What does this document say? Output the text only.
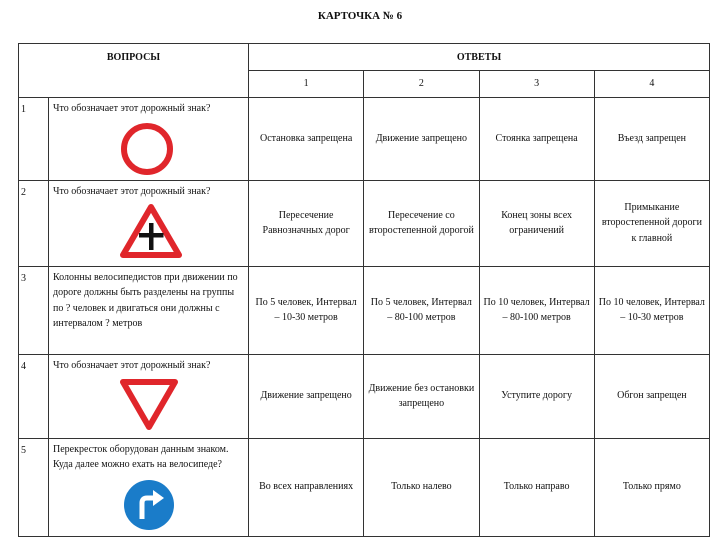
КАРТОЧКА № 6
ВОПРОСЫ		ОТВЕТЫ			
		1	2	3	4
1	Что обозначает этот дорожный знак?	Остановка запрещена	Движение запрещено	Стоянка запрещена	Въезд запрещен
2	Что обозначает этот дорожный знак?	Пересечение Равнозначных дорог	Пересечение со второстепенной дорогой	Конец зоны всех ограничений	Примыкание второстепенной дороги к главной
3	Колонны велосипедистов при движении по дороге должны быть разделены на группы по ? человек и двигаться они должны с интервалом ? метров	По 5 человек, Интервал – 10-30 метров	По 5 человек, Интервал – 80-100 метров	По 10 человек, Интервал – 80-100 метров	По 10 человек, Интервал – 10-30 метров
4	Что обозначает этот дорожный знак?	Движение запрещено	Движение без остановки запрещено	Уступите дорогу	Обгон запрещен
5	Перекресток оборудован данным знаком. Куда далее можно ехать на велосипеде?	Во всех направлениях	Только налево	Только направо	Только прямо
